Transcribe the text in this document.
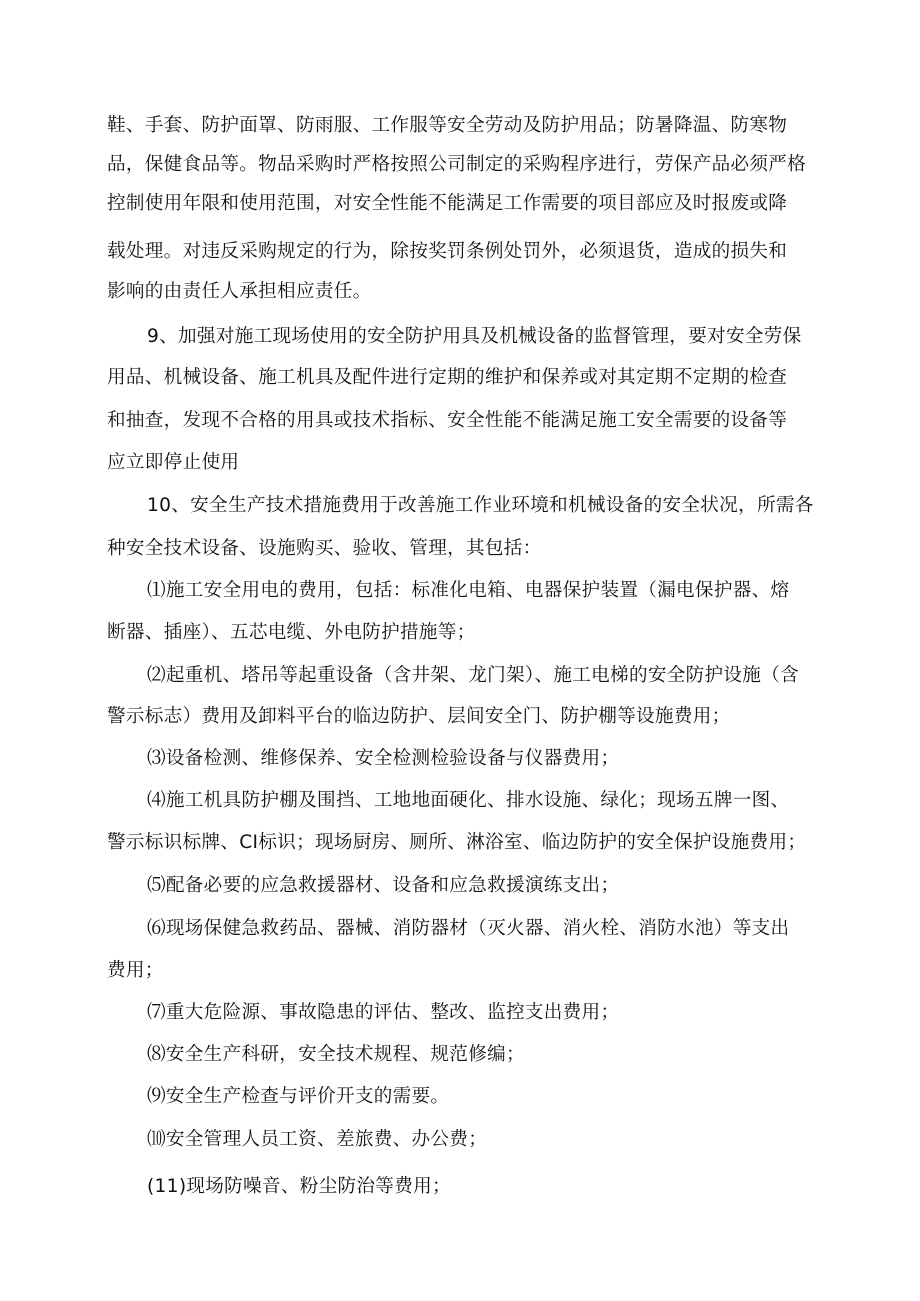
鞋、手套、防护面罩、防雨服、工作服等安全劳动及防护用品；防暑降温、防寒物
品，保健食品等。物品采购时严格按照公司制定的采购程序进行，劳保产品必须严格
控制使用年限和使用范围，对安全性能不能满足工作需要的项目部应及时报废或降
载处理。对违反采购规定的行为，除按奖罚条例处罚外，必须退货，造成的损失和
影响的由责任人承担相应责任。
9、加强对施工现场使用的安全防护用具及机械设备的监督管理，要对安全劳保
用品、机械设备、施工机具及配件进行定期的维护和保养或对其定期不定期的检查
和抽查，发现不合格的用具或技术指标、安全性能不能满足施工安全需要的设备等
应立即停止使用
10、安全生产技术措施费用于改善施工作业环境和机械设备的安全状况，所需各
种安全技术设备、设施购买、验收、管理，其包括：
⑴施工安全用电的费用，包括：标准化电箱、电器保护装置（漏电保护器、熔
断器、插座）、五芯电缆、外电防护措施等；
⑵起重机、塔吊等起重设备（含井架、龙门架）、施工电梯的安全防护设施（含
警示标志）费用及卸料平台的临边防护、层间安全门、防护棚等设施费用；
⑶设备检测、维修保养、安全检测检验设备与仪器费用；
⑷施工机具防护棚及围挡、工地地面硬化、排水设施、绿化；现场五牌一图、
警示标识标牌、CI标识；现场厨房、厕所、淋浴室、临边防护的安全保护设施费用；
⑸配备必要的应急救援器材、设备和应急救援演练支出；
⑹现场保健急救药品、器械、消防器材（灭火器、消火栓、消防水池）等支出
费用；
⑺重大危险源、事故隐患的评估、整改、监控支出费用；
⑻安全生产科研，安全技术规程、规范修编；
⑼安全生产检查与评价开支的需要。
⑽安全管理人员工资、差旅费、办公费；
(11)现场防噪音、粉尘防治等费用；
